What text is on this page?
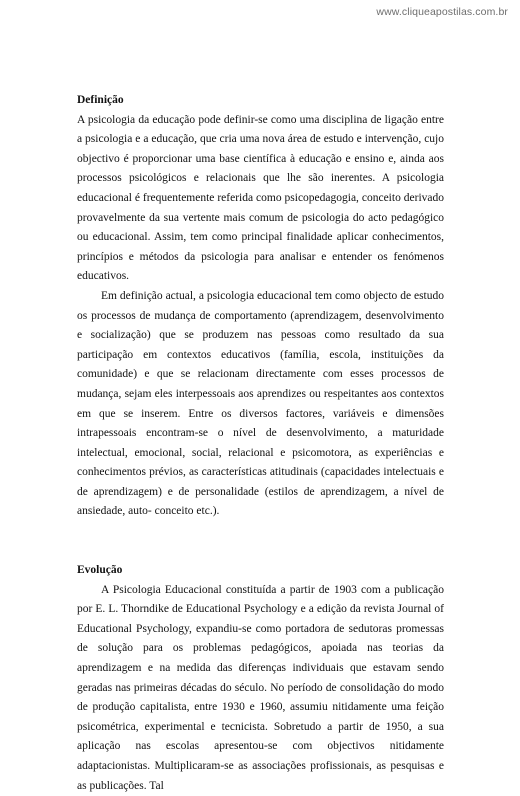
www.cliqueapostilas.com.br
Definição

A psicologia da educação pode definir-se como uma disciplina de ligação entre a psicologia e a educação, que cria uma nova área de estudo e intervenção, cujo objectivo é proporcionar uma base científica à educação e ensino e, ainda aos processos psicológicos e relacionais que lhe são inerentes. A psicologia educacional é frequentemente referida como psicopedagogia, conceito derivado provavelmente da sua vertente mais comum de psicologia do acto pedagógico ou educacional. Assim, tem como principal finalidade aplicar conhecimentos, princípios e métodos da psicologia para analisar e entender os fenómenos educativos.

Em definição actual, a psicologia educacional tem como objecto de estudo os processos de mudança de comportamento (aprendizagem, desenvolvimento e socialização) que se produzem nas pessoas como resultado da sua participação em contextos educativos (família, escola, instituições da comunidade) e que se relacionam directamente com esses processos de mudança, sejam eles interpessoais aos aprendizes ou respeitantes aos contextos em que se inserem. Entre os diversos factores, variáveis e dimensões intrapessoais encontram-se o nível de desenvolvimento, a maturidade intelectual, emocional, social, relacional e psicomotora, as experiências e conhecimentos prévios, as características atitudinais (capacidades intelectuais e de aprendizagem) e de personalidade (estilos de aprendizagem, a nível de ansiedade, auto- conceito etc.).

Evolução

A Psicologia Educacional constituída a partir de 1903 com a publicação por E. L. Thorndike de Educational Psychology e a edição da revista Journal of Educational Psychology, expandiu-se como portadora de sedutoras promessas de solução para os problemas pedagógicos, apoiada nas teorias da aprendizagem e na medida das diferenças individuais que estavam sendo geradas nas primeiras décadas do século. No período de consolidação do modo de produção capitalista, entre 1930 e 1960, assumiu nitidamente uma feição psicométrica, experimental e tecnicista. Sobretudo a partir de 1950, a sua aplicação nas escolas apresentou-se com objectivos nitidamente adaptacionistas. Multiplicaram-se as associações profissionais, as pesquisas e as publicações. Tal
